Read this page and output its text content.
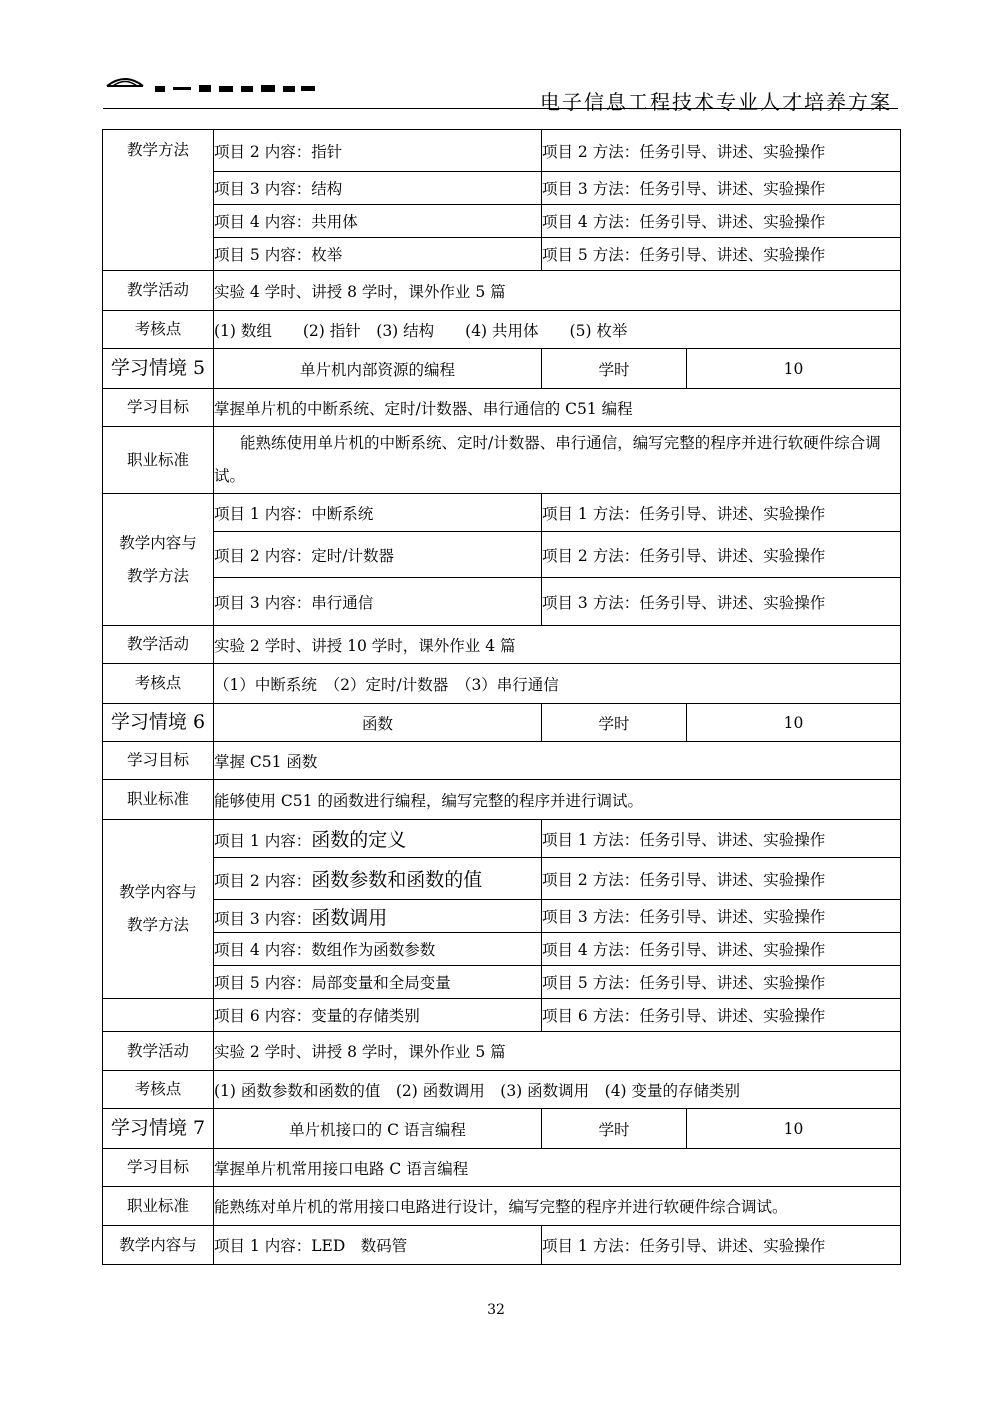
电子信息工程技术专业人才培养方案
教学方法	项目 2 内容：指针	项目 2 方法：任务引导、讲述、实验操作	
	项目 3 内容：结构	项目 3 方法：任务引导、讲述、实验操作	
	项目 4 内容：共用体	项目 4 方法：任务引导、讲述、实验操作	
	项目 5 内容：枚举	项目 5 方法：任务引导、讲述、实验操作	
教学活动	实验 4 学时、讲授 8 学时，课外作业 5 篇		
考核点	(1) 数组　　(2) 指针　(3) 结构　　(4) 共用体　　(5) 枚举		
学习情境 5	单片机内部资源的编程	学时	10
学习目标	掌握单片机的中断系统、定时/计数器、串行通信的 C51 编程		
职业标准	能熟练使用单片机的中断系统、定时/计数器、串行通信，编写完整的程序并进行软硬件综合调试。		
教学内容与
教学方法	项目 1 内容：中断系统	项目 1 方法：任务引导、讲述、实验操作	
	项目 2 内容：定时/计数器	项目 2 方法：任务引导、讲述、实验操作	
	项目 3 内容：串行通信	项目 3 方法：任务引导、讲述、实验操作	
教学活动	实验 2 学时、讲授 10 学时，课外作业 4 篇		
考核点	（1）中断系统　（2）定时/计数器　（3）串行通信		
学习情境 6	函数	学时	10
学习目标	掌握 C51 函数		
职业标准	能够使用 C51 的函数进行编程，编写完整的程序并进行调试。		
教学内容与
教学方法	项目 1 内容：函数的定义	项目 1 方法：任务引导、讲述、实验操作	
	项目 2 内容：函数参数和函数的值	项目 2 方法：任务引导、讲述、实验操作	
	项目 3 内容：函数调用	项目 3 方法：任务引导、讲述、实验操作	
	项目 4 内容：数组作为函数参数	项目 4 方法：任务引导、讲述、实验操作	
	项目 5 内容：局部变量和全局变量	项目 5 方法：任务引导、讲述、实验操作	
	项目 6 内容：变量的存储类别	项目 6 方法：任务引导、讲述、实验操作	
教学活动	实验 2 学时、讲授 8 学时，课外作业 5 篇		
考核点	(1) 函数参数和函数的值　(2) 函数调用　(3) 函数调用　(4) 变量的存储类别		
学习情境 7	单片机接口的 C 语言编程	学时	10
学习目标	掌握单片机常用接口电路 C 语言编程		
职业标准	能熟练对单片机的常用接口电路进行设计，编写完整的程序并进行软硬件综合调试。		
教学内容与	项目 1 内容：LED　数码管	项目 1 方法：任务引导、讲述、实验操作	
32
